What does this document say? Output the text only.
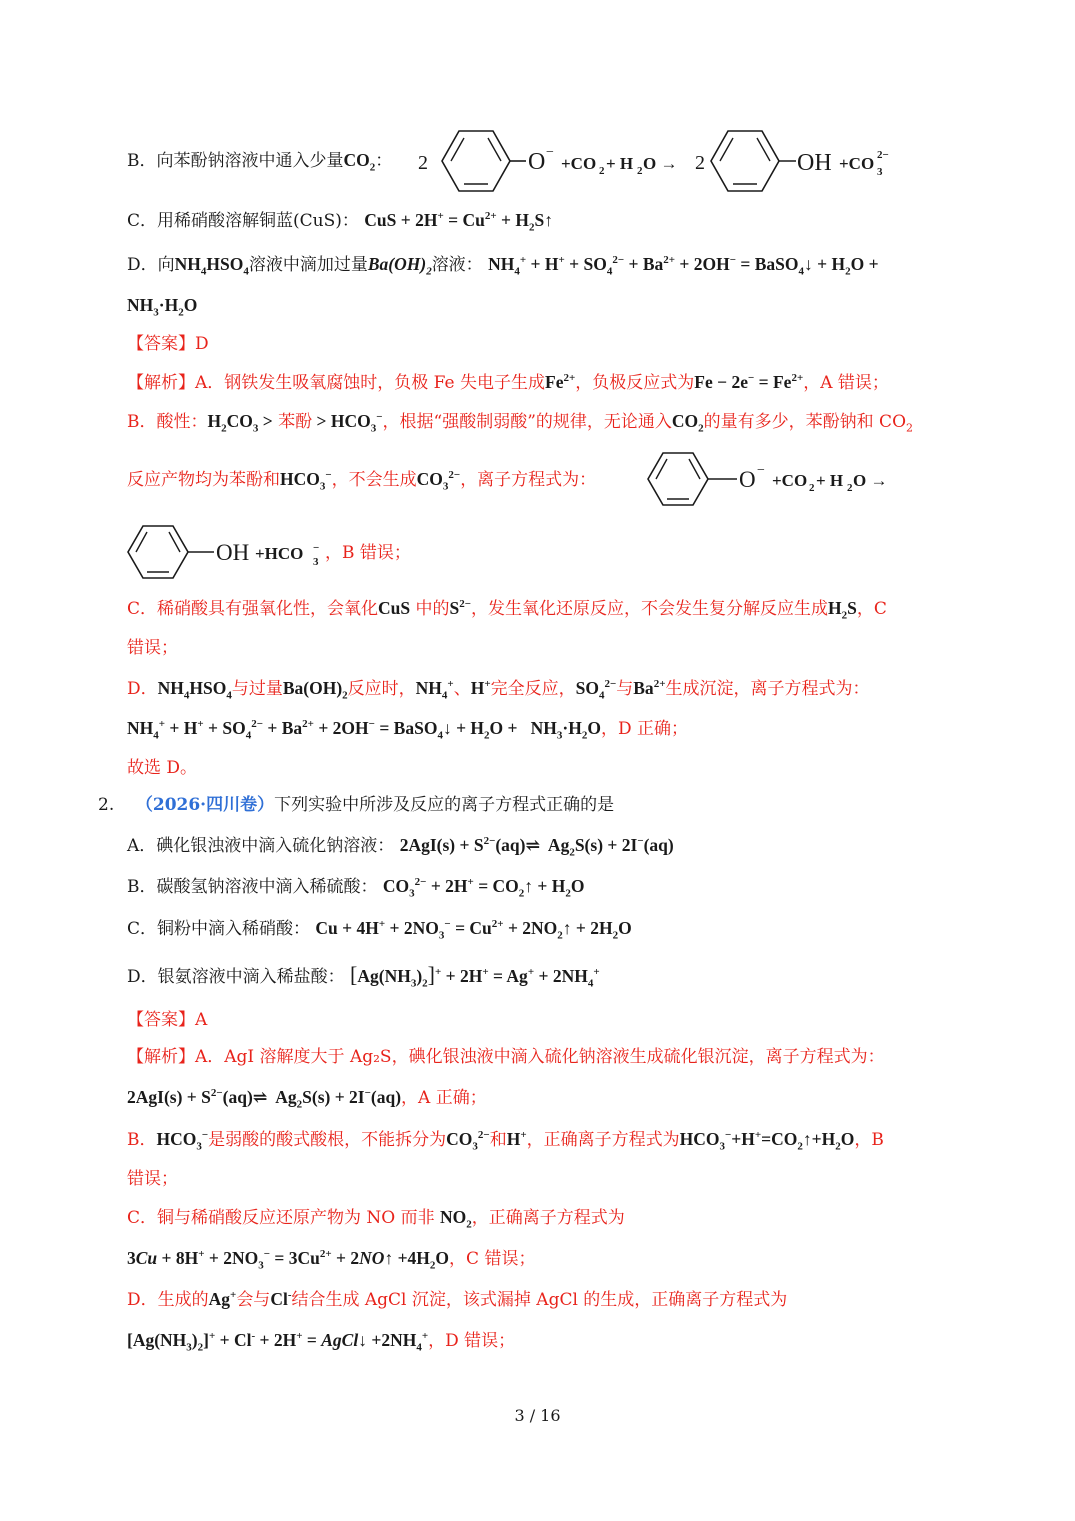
B．向苯酚钠溶液中通入少量$CO_2$： 2	O −
+CO 2 + H 2 O → 2	OH +CO 3
2−
C．用稀硝酸溶解铜蓝(CuS)： CuS + $2H^+ = Cu^{2+}$ + $H_2S↑$
D．向$NH_4HSO_4$溶液中滴加过量$Ba(OH)_2$溶液： $NH_4^+ + H^+ + SO_4^{2-} + Ba^{2+} + 2OH^-$ = BaSO$_4$↓ + $H_2O$ +
$NH_3\cdot H_2O$
【答案】D
【解析】A．钢铁发生吸氧腐蚀时，负极 Fe 失电子生成$Fe^{2+}$，负极反应式为$Fe - 2e^- = Fe^{2+}$，A 错误；
B．酸性：$H_2CO_3$ > 苯酚 > $HCO_3^-$，根据“强酸制弱酸”的规律，无论通入$CO_2$的量有多少，苯酚钠和 $CO_2$
反应产物均为苯酚和$HCO_3^-$，不会生成$CO_3^{2-}$，离子方程式为：	O −
+CO 2 + H 2 O →
OH +HCO 3
− ，B 错误；
C．稀硝酸具有强氧化性，会氧化CuS 中的$S^{2-}$，发生氧化还原反应，不会发生复分解反应生成$H_2S$，C
错误；
D．$NH_4HSO_4$与过量$Ba(OH)_2$反应时，$NH_4^+$、H+完全反应，$SO_4^{2-}$与$Ba^{2+}$生成沉淀，离子方程式为：
$NH_4^+ + H^+ + SO_4^{2-} + Ba^{2+} + 2OH^-$ = BaSO$_4$↓ + $H_2O + NH_3\cdot H_2O$，D 正确；
故选 D。
2. （2026·四川卷）下列实验中所涉及反应的离子方程式正确的是
A．碘化银浊液中滴入硫化钠溶液： $2AgI(s) + S^{2-}(aq)\rightleftharpoons$  $Ag_2S(s) + 2I^-(aq)$
B．碳酸氢钠溶液中滴入稀硫酸： $CO_3^{2-} + 2H^+$ = $CO_2↑ + H_2O$
C．铜粉中滴入稀硝酸： $Cu + 4H^+ + 2NO_3^- = Cu^{2+}$ + $2NO_2↑ + 2H_2O$
D．银氨溶液中滴入稀盐酸： $[Ag(NH_3)_2]^+ + 2H^+ = Ag^+ + 2NH_4^+$
【答案】A
【解析】A．AgI 溶解度大于 Ag₂S，碘化银浊液中滴入硫化钠溶液生成硫化银沉淀，离子方程式为：
$2AgI(s) + S^{2-}(aq)\rightleftharpoons$  $Ag_2S(s) + 2I^-(aq)$，A 正确；
B．$HCO_3^-$是弱酸的酸式酸根，不能拆分为$CO_3^{2-}$和H+，正确离子方程式为$HCO_3^-+H^+=CO_2↑+H_2O$，B
错误；
C．铜与稀硝酸反应还原产物为 NO 而非 $NO_2$，正确离子方程式为
$3Cu + 8H^+ + 2NO_3^- = 3Cu^{2+}$ + 2NO↑ $+4H_2O$，C 错误；
D．生成的Ag+会与Cl-结合生成 AgCl 沉淀，该式漏掉 AgCl 的生成，正确离子方程式为
$[Ag(NH_3)_2]^+ + Cl^- + 2H^+$ = AgCl↓ $+2NH_4^+$，D 错误；
3 / 16
